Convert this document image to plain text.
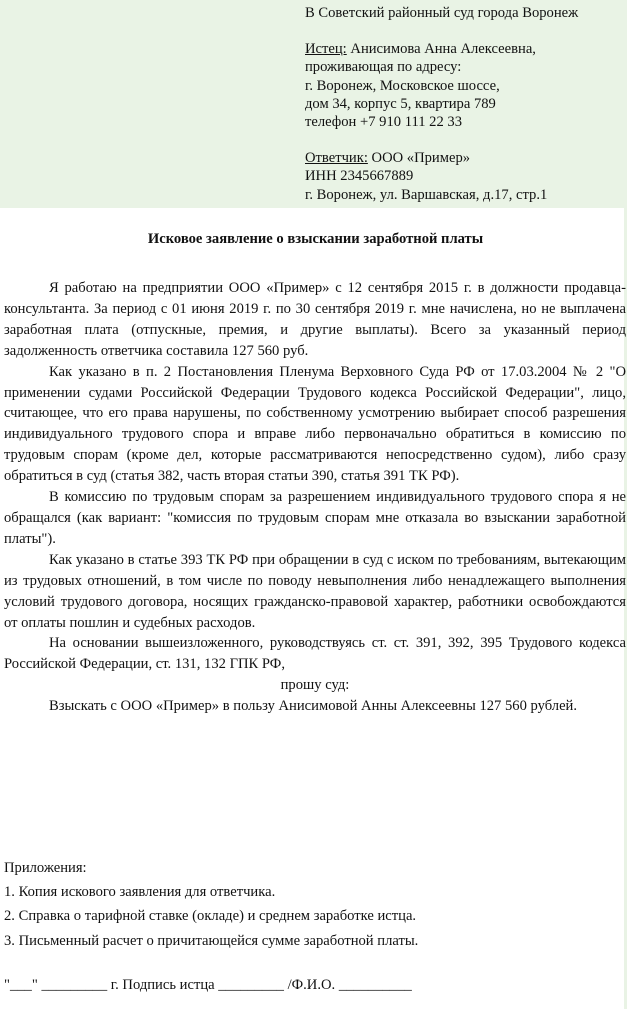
В Советский районный суд города Воронеж

Истец: Анисимова Анна Алексеевна,

проживающая по адресу:

г. Воронеж, Московское шоссе,

дом 34, корпус 5, квартира 789

телефон +7 910 111 22 33

Ответчик: ООО «Пример»

ИНН 2345667889

г. Воронеж, ул. Варшавская, д.17, стр.1

Исковое заявление о взыскании заработной платы

Я работаю на предприятии ООО «Пример» с 12 сентября 2015 г. в должности продавца-консультанта. За период с 01 июня 2019 г. по 30 сентября 2019 г. мне начислена, но не выплачена заработная плата (отпускные, премия, и другие выплаты). Всего за указанный период задолженность ответчика составила 127 560 руб.

Как указано в п. 2 Постановления Пленума Верховного Суда РФ от 17.03.2004 № 2 "О применении судами Российской Федерации Трудового кодекса Российской Федерации", лицо, считающее, что его права нарушены, по собственному усмотрению выбирает способ разрешения индивидуального трудового спора и вправе либо первоначально обратиться в комиссию по трудовым спорам (кроме дел, которые рассматриваются непосредственно судом), либо сразу обратиться в суд (статья 382, часть вторая статьи 390, статья 391 ТК РФ).

В комиссию по трудовым спорам за разрешением индивидуального трудового спора я не обращался (как вариант: "комиссия по трудовым спорам мне отказала во взыскании заработной платы").

Как указано в статье 393 ТК РФ при обращении в суд с иском по требованиям, вытекающим из трудовых отношений, в том числе по поводу невыполнения либо ненадлежащего выполнения условий трудового договора, носящих гражданско-правовой характер, работники освобождаются от оплаты пошлин и судебных расходов.

На основании вышеизложенного, руководствуясь ст. ст. 391, 392, 395 Трудового кодекса Российской Федерации, ст. 131, 132 ГПК РФ,

прошу суд:

Взыскать с ООО «Пример» в пользу Анисимовой Анны Алексеевны 127 560 рублей.

Приложения:

1. Копия искового заявления для ответчика.

2. Справка о тарифной ставке (окладе) и среднем заработке истца.

3. Письменный расчет о причитающейся сумме заработной платы.

"___" _________ г. Подпись истца _________ /Ф.И.О. __________
